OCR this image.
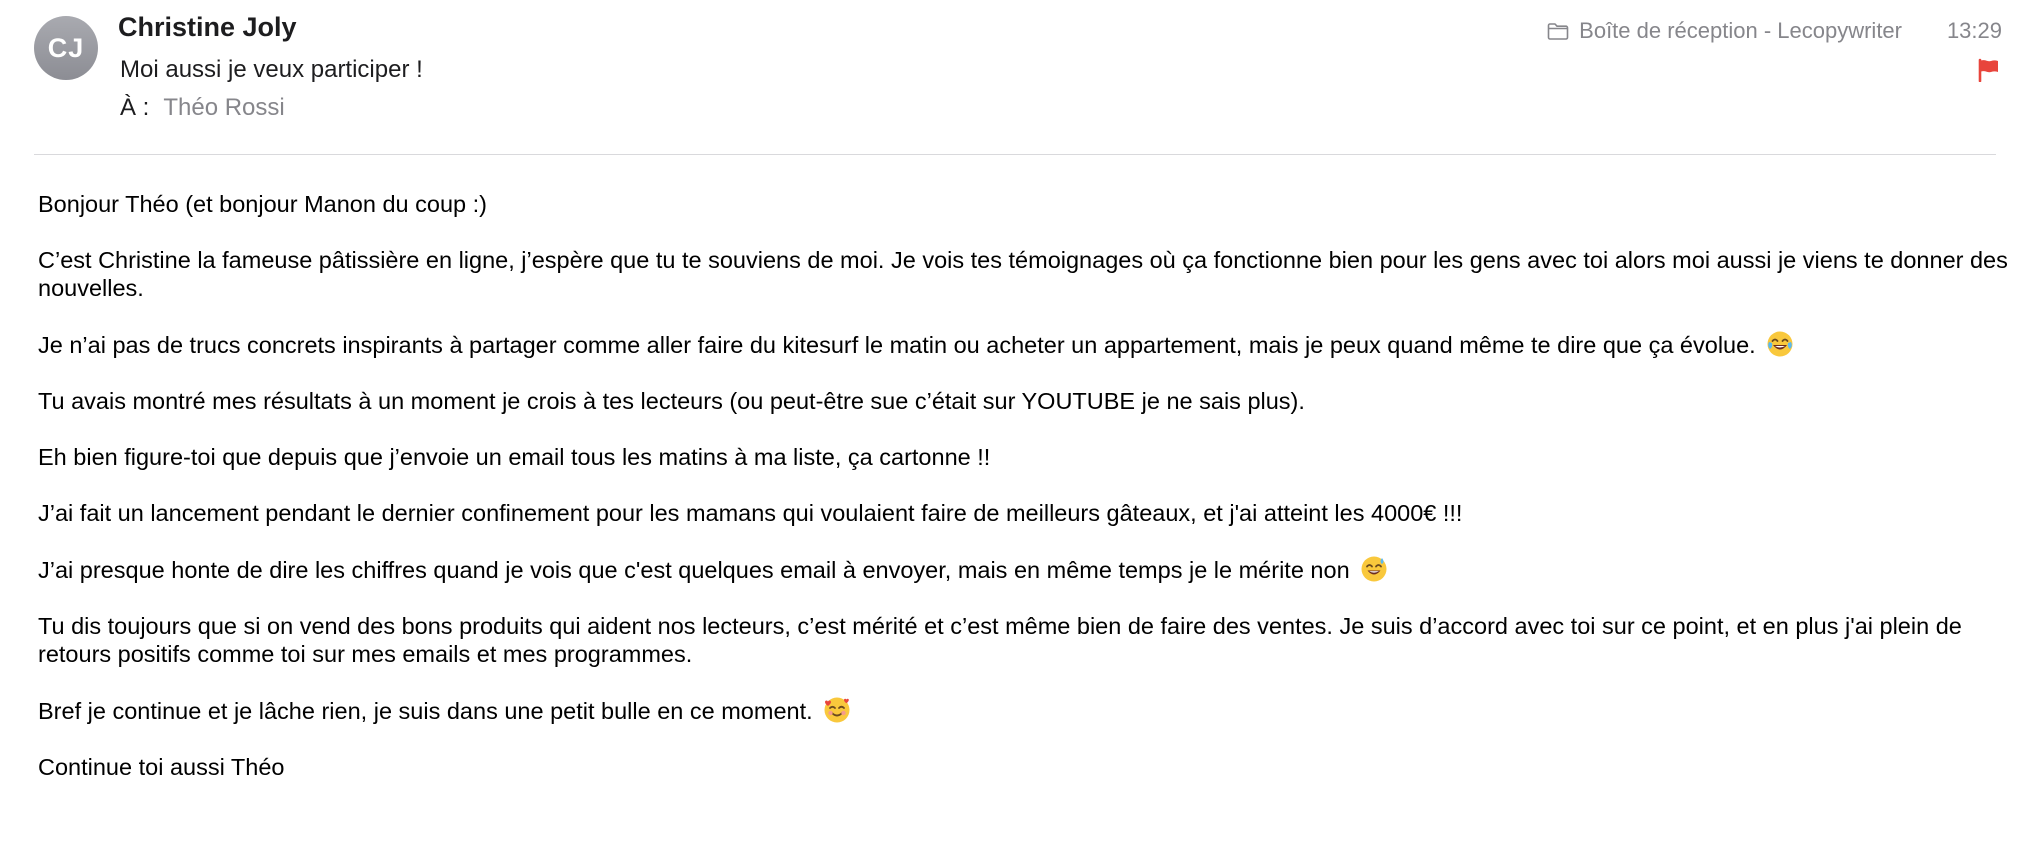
CJ
Christine Joly
Moi aussi je veux participer !
À : Théo Rossi
Boîte de réception - Lecopywriter 13:29

Bonjour Théo (et bonjour Manon du coup :)

C’est Christine la fameuse pâtissière en ligne, j’espère que tu te souviens de moi. Je vois tes témoignages où ça fonctionne bien pour les gens avec toi alors moi aussi je viens te donner des nouvelles.

Je n’ai pas de trucs concrets inspirants à partager comme aller faire du kitesurf le matin ou acheter un appartement, mais je peux quand même te dire que ça évolue.

Tu avais montré mes résultats à un moment je crois à tes lecteurs (ou peut-être sue c’était sur YOUTUBE je ne sais plus).

Eh bien figure-toi que depuis que j’envoie un email tous les matins à ma liste, ça cartonne !!

J’ai fait un lancement pendant le dernier confinement pour les mamans qui voulaient faire de meilleurs gâteaux, et j'ai atteint les 4000€ !!!

J’ai presque honte de dire les chiffres quand je vois que c'est quelques email à envoyer, mais en même temps je le mérite non

Tu dis toujours que si on vend des bons produits qui aident nos lecteurs, c’est mérité et c’est même bien de faire des ventes. Je suis d’accord avec toi sur ce point, et en plus j'ai plein de retours positifs comme toi sur mes emails et mes programmes.

Bref je continue et je lâche rien, je suis dans une petit bulle en ce moment.

Continue toi aussi Théo
